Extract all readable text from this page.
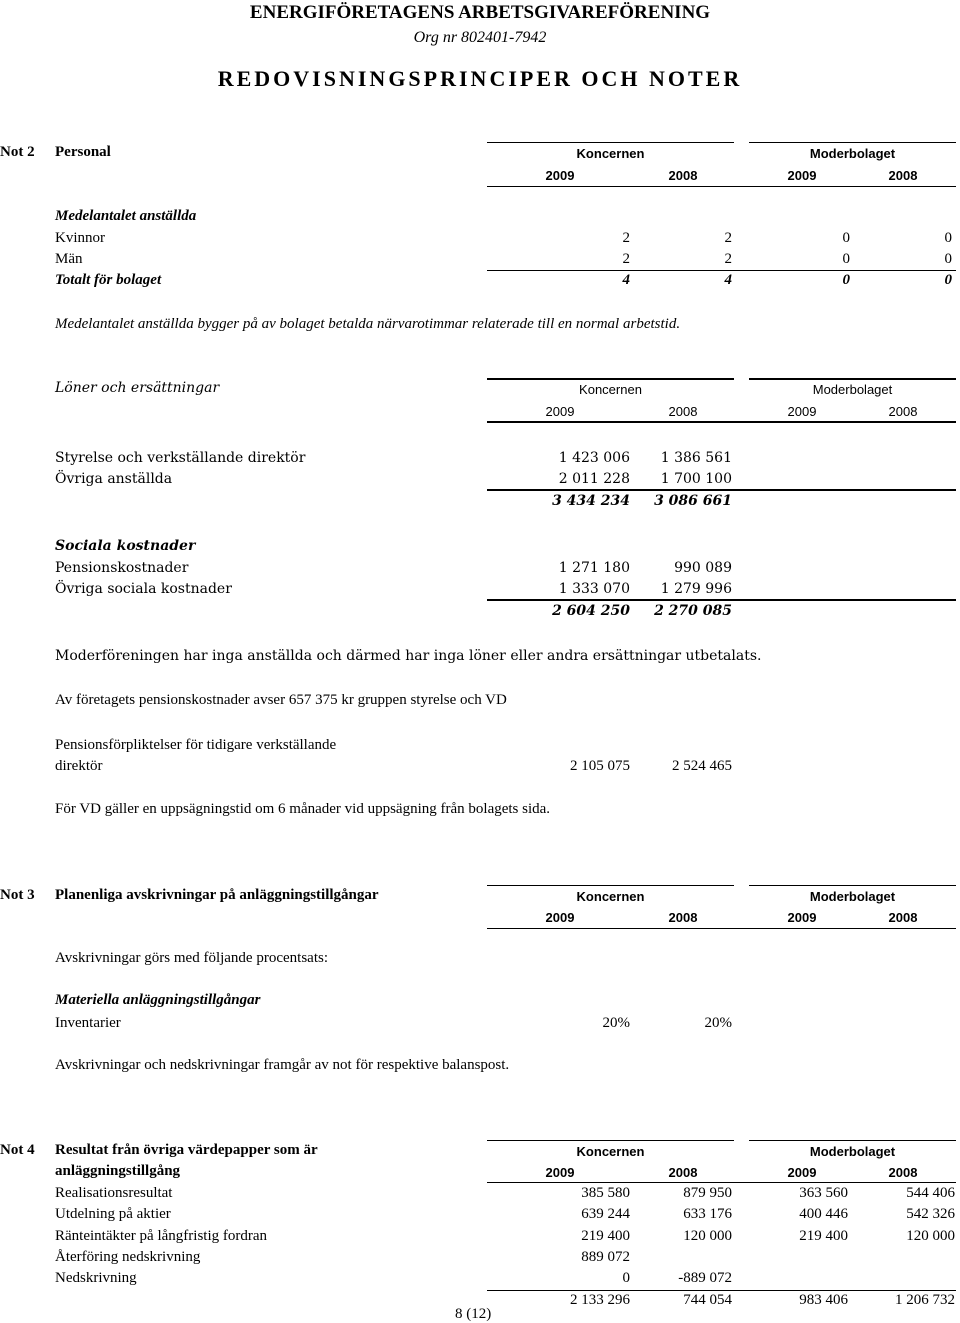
ENERGIFÖRETAGENS ARBETSGIVAREFÖRENING
Org nr 802401-7942
REDOVISNINGSPRINCIPER OCH NOTER
Not 2 Personal	Koncernen	Moderbolaget
2009	2008	2009	2008
Medelantalet anställda
Kvinnor	2	2	0	0
Män	2	2	0	0
Totalt för bolaget	4	4	0	0
Medelantalet anställda bygger på av bolaget betalda närvarotimmar relaterade till en normal arbetstid.
Löner och ersättningar	Koncernen	Moderbolaget
2009	2008	2009	2008
Styrelse och verkställande direktör	1 423 006	1 386 561
Övriga anställda	2 011 228	1 700 100
3 434 234	3 086 661
Sociala kostnader
Pensionskostnader	1 271 180	990 089
Övriga sociala kostnader	1 333 070	1 279 996
2 604 250	2 270 085
Moderföreningen har inga anställda och därmed har inga löner eller andra ersättningar utbetalats.
Av företagets pensionskostnader avser 657 375 kr gruppen styrelse och VD
Pensionsförpliktelser för tidigare verkställande
direktör	2 105 075	2 524 465
För VD gäller en uppsägningstid om 6 månader vid uppsägning från bolagets sida.
Not 3 Planenliga avskrivningar på anläggningstillgångar	Koncernen	Moderbolaget
2009	2008	2009	2008
Avskrivningar görs med följande procentsats:
Materiella anläggningstillgångar
Inventarier	20%	20%
Avskrivningar och nedskrivningar framgår av not för respektive balanspost.
Not 4 Resultat från övriga värdepapper som är
anläggningstillgång
Koncernen	Moderbolaget
2009	2008	2009	2008
Realisationsresultat	385 580	879 950	363 560	544 406
Utdelning på aktier	639 244	633 176	400 446	542 326
Ränteintäkter på långfristig fordran	219 400	120 000	219 400	120 000
Återföring nedskrivning	889 072
Nedskrivning	0	-889 072
2 133 296	744 054	983 406	1 206 732
8 (12)
